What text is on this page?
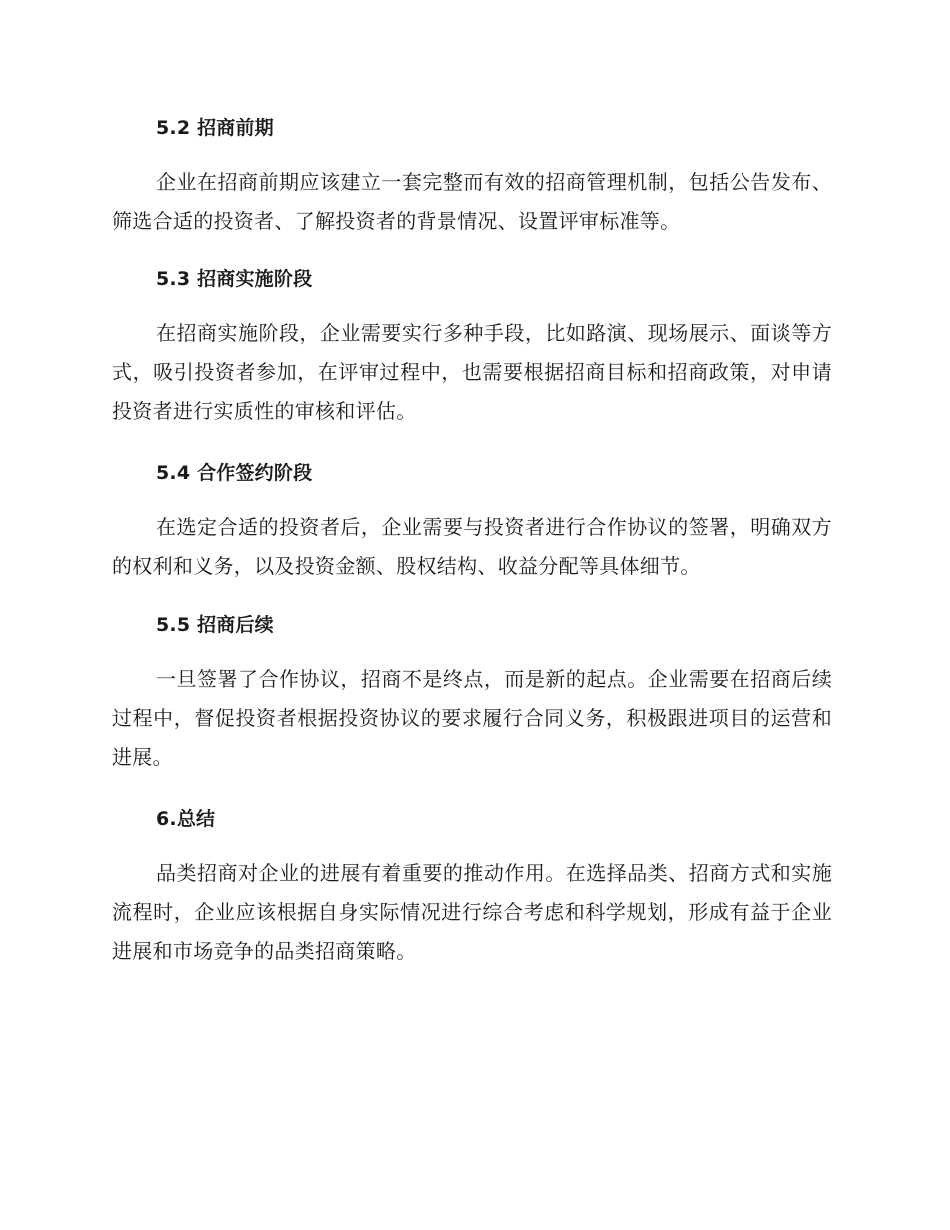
5.2 招商前期
企业在招商前期应该建立一套完整而有效的招商管理机制，包括公告发布、筛选合适的投资者、了解投资者的背景情况、设置评审标准等。
5.3 招商实施阶段
在招商实施阶段，企业需要实行多种手段，比如路演、现场展示、面谈等方式，吸引投资者参加，在评审过程中，也需要根据招商目标和招商政策，对申请投资者进行实质性的审核和评估。
5.4 合作签约阶段
在选定合适的投资者后，企业需要与投资者进行合作协议的签署，明确双方的权利和义务，以及投资金额、股权结构、收益分配等具体细节。
5.5 招商后续
一旦签署了合作协议，招商不是终点，而是新的起点。企业需要在招商后续过程中，督促投资者根据投资协议的要求履行合同义务，积极跟进项目的运营和进展。
6.总结
品类招商对企业的进展有着重要的推动作用。在选择品类、招商方式和实施流程时，企业应该根据自身实际情况进行综合考虑和科学规划，形成有益于企业进展和市场竞争的品类招商策略。
